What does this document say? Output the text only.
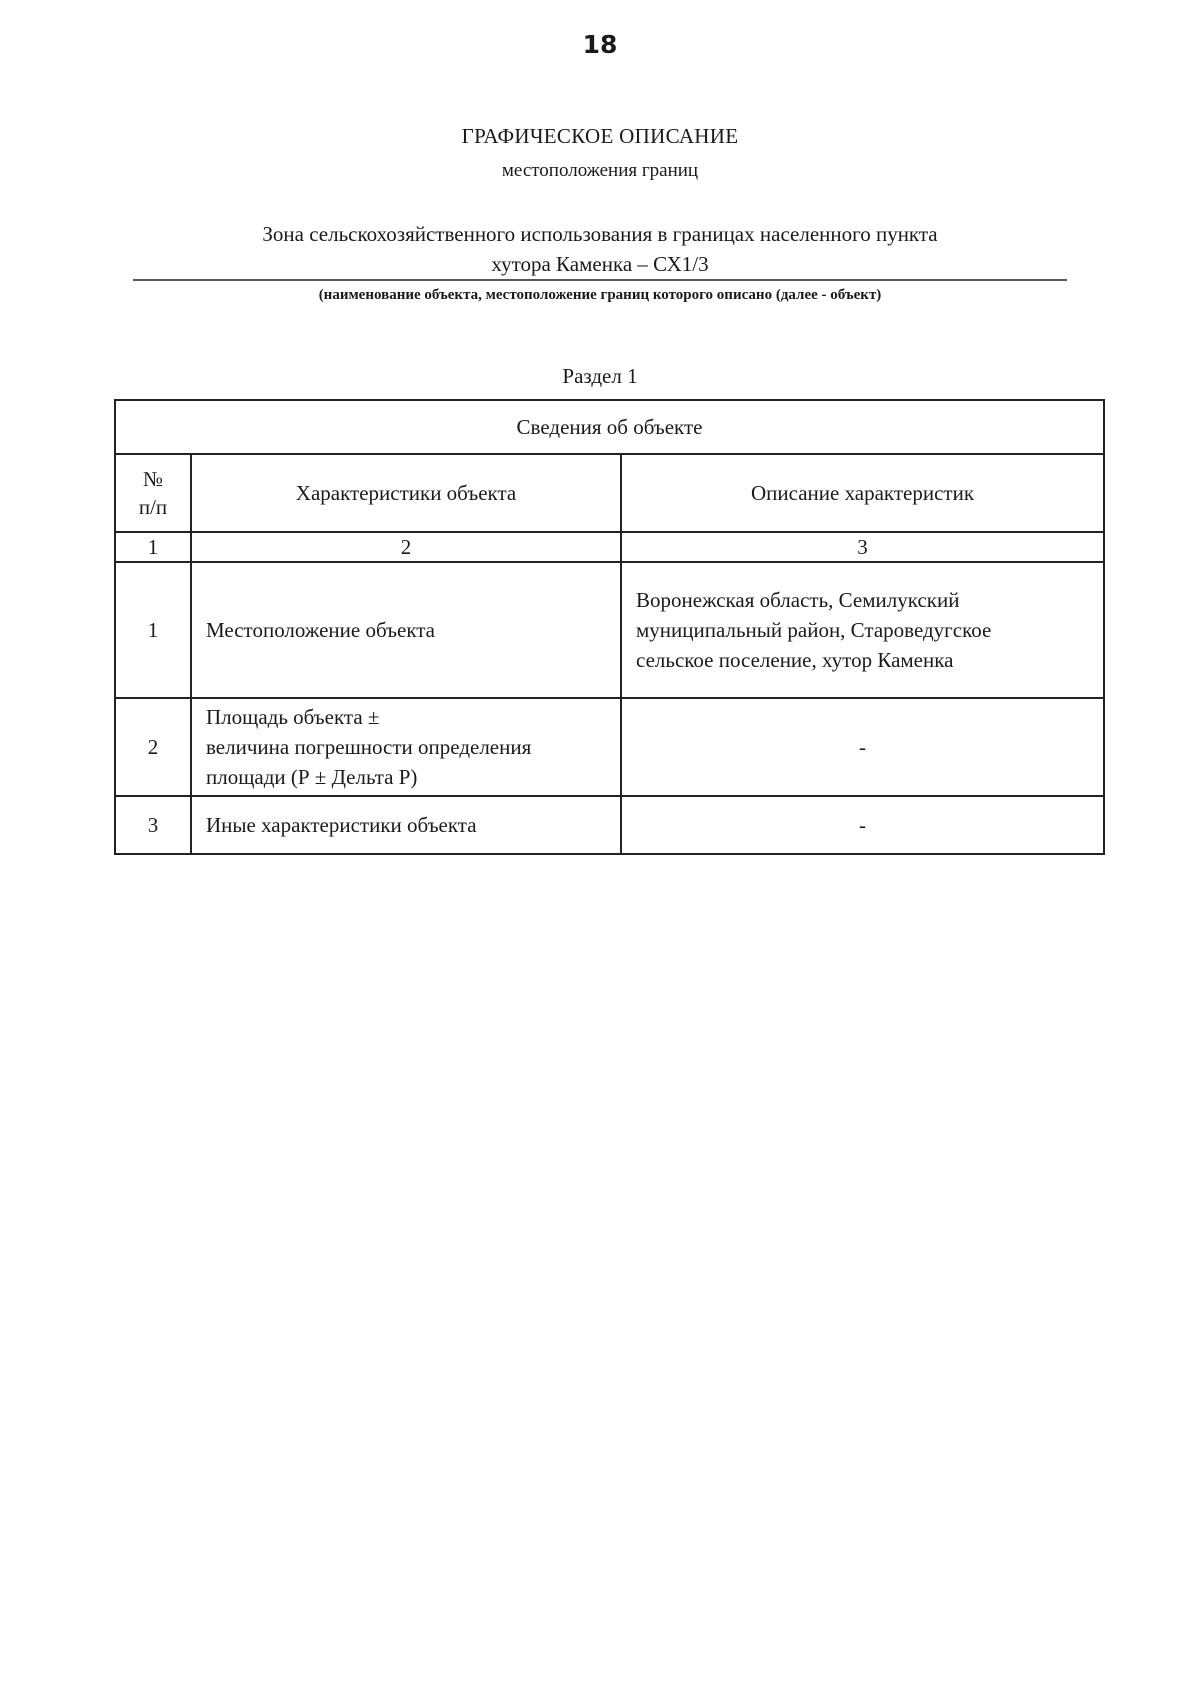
18
ГРАФИЧЕСКОЕ ОПИСАНИЕ
местоположения границ
Зона сельскохозяйственного использования в границах населенного пункта
хутора Каменка – СХ1/3
(наименование объекта, местоположение границ которого описано (далее - объект)
Раздел 1
Сведения об объекте		

№
п/п	Характеристики объекта	Описание характеристик
1	2	3
1	Местоположение объекта	Воронежская область, Семилукский
муниципальный район, Староведугское
сельское поселение, хутор Каменка

2	Площадь объекта ±
величина погрешности определения
площади (Р ± Дельта Р)	-

3	Иные характеристики объекта	-
